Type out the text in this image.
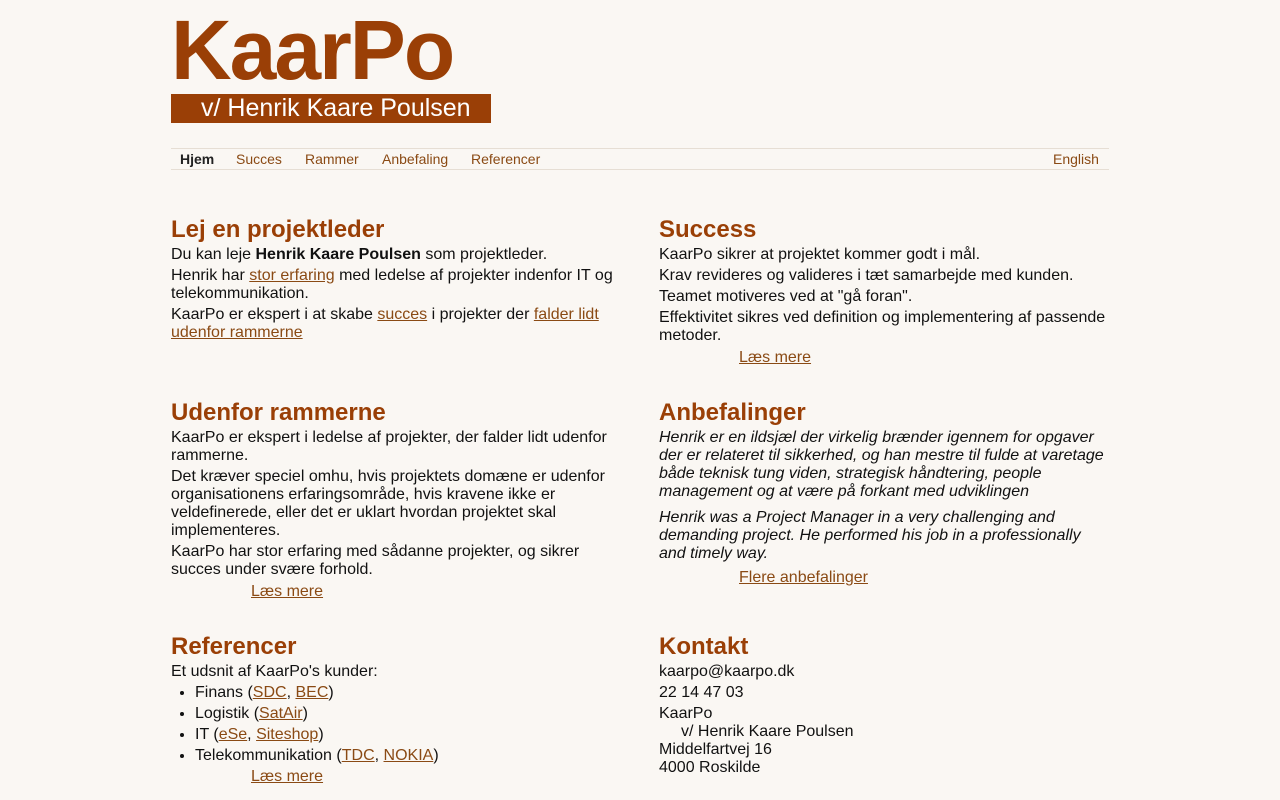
KaarPo
v/ Henrik Kaare Poulsen
Hjem Succes Rammer Anbefaling Referencer	English
Lej en projektleder

Du kan leje Henrik Kaare Poulsen som projektleder.

Henrik har stor erfaring med ledelse af projekter indenfor IT og telekommunikation.

KaarPo er ekspert i at skabe succes i projekter der falder lidt udenfor rammerne

Success

KaarPo sikrer at projektet kommer godt i mål.

Krav revideres og valideres i tæt samarbejde med kunden.

Teamet motiveres ved at "gå foran".

Effektivitet sikres ved definition og implementering af passende metoder.

Læs mere
Udenfor rammerne

KaarPo er ekspert i ledelse af projekter, der falder lidt udenfor rammerne.

Det kræver speciel omhu, hvis projektets domæne er udenfor organisationens erfaringsområde, hvis kravene ikke er veldefinerede, eller det er uklart hvordan projektet skal implementeres.

KaarPo har stor erfaring med sådanne projekter, og sikrer succes under svære forhold.

Læs mere
Anbefalinger

Henrik er en ildsjæl der virkelig brænder igennem for opgaver der er relateret til sikkerhed, og han mestre til fulde at varetage både teknisk tung viden, strategisk håndtering, people management og at være på forkant med udviklingen

Henrik was a Project Manager in a very challenging and demanding project. He performed his job in a professionally and timely way.

Flere anbefalinger
Referencer

Et udsnit af KaarPo's kunder:

• Finans (SDC, BEC)
• Logistik (SatAir)
• IT (eSe, Siteshop)
• Telekommunikation (TDC, NOKIA)
Læs mere
Kontakt

kaarpo@kaarpo.dk

22 14 47 03

KaarPo
v/ Henrik Kaare Poulsen
Middelfartvej 16
4000 Roskilde
